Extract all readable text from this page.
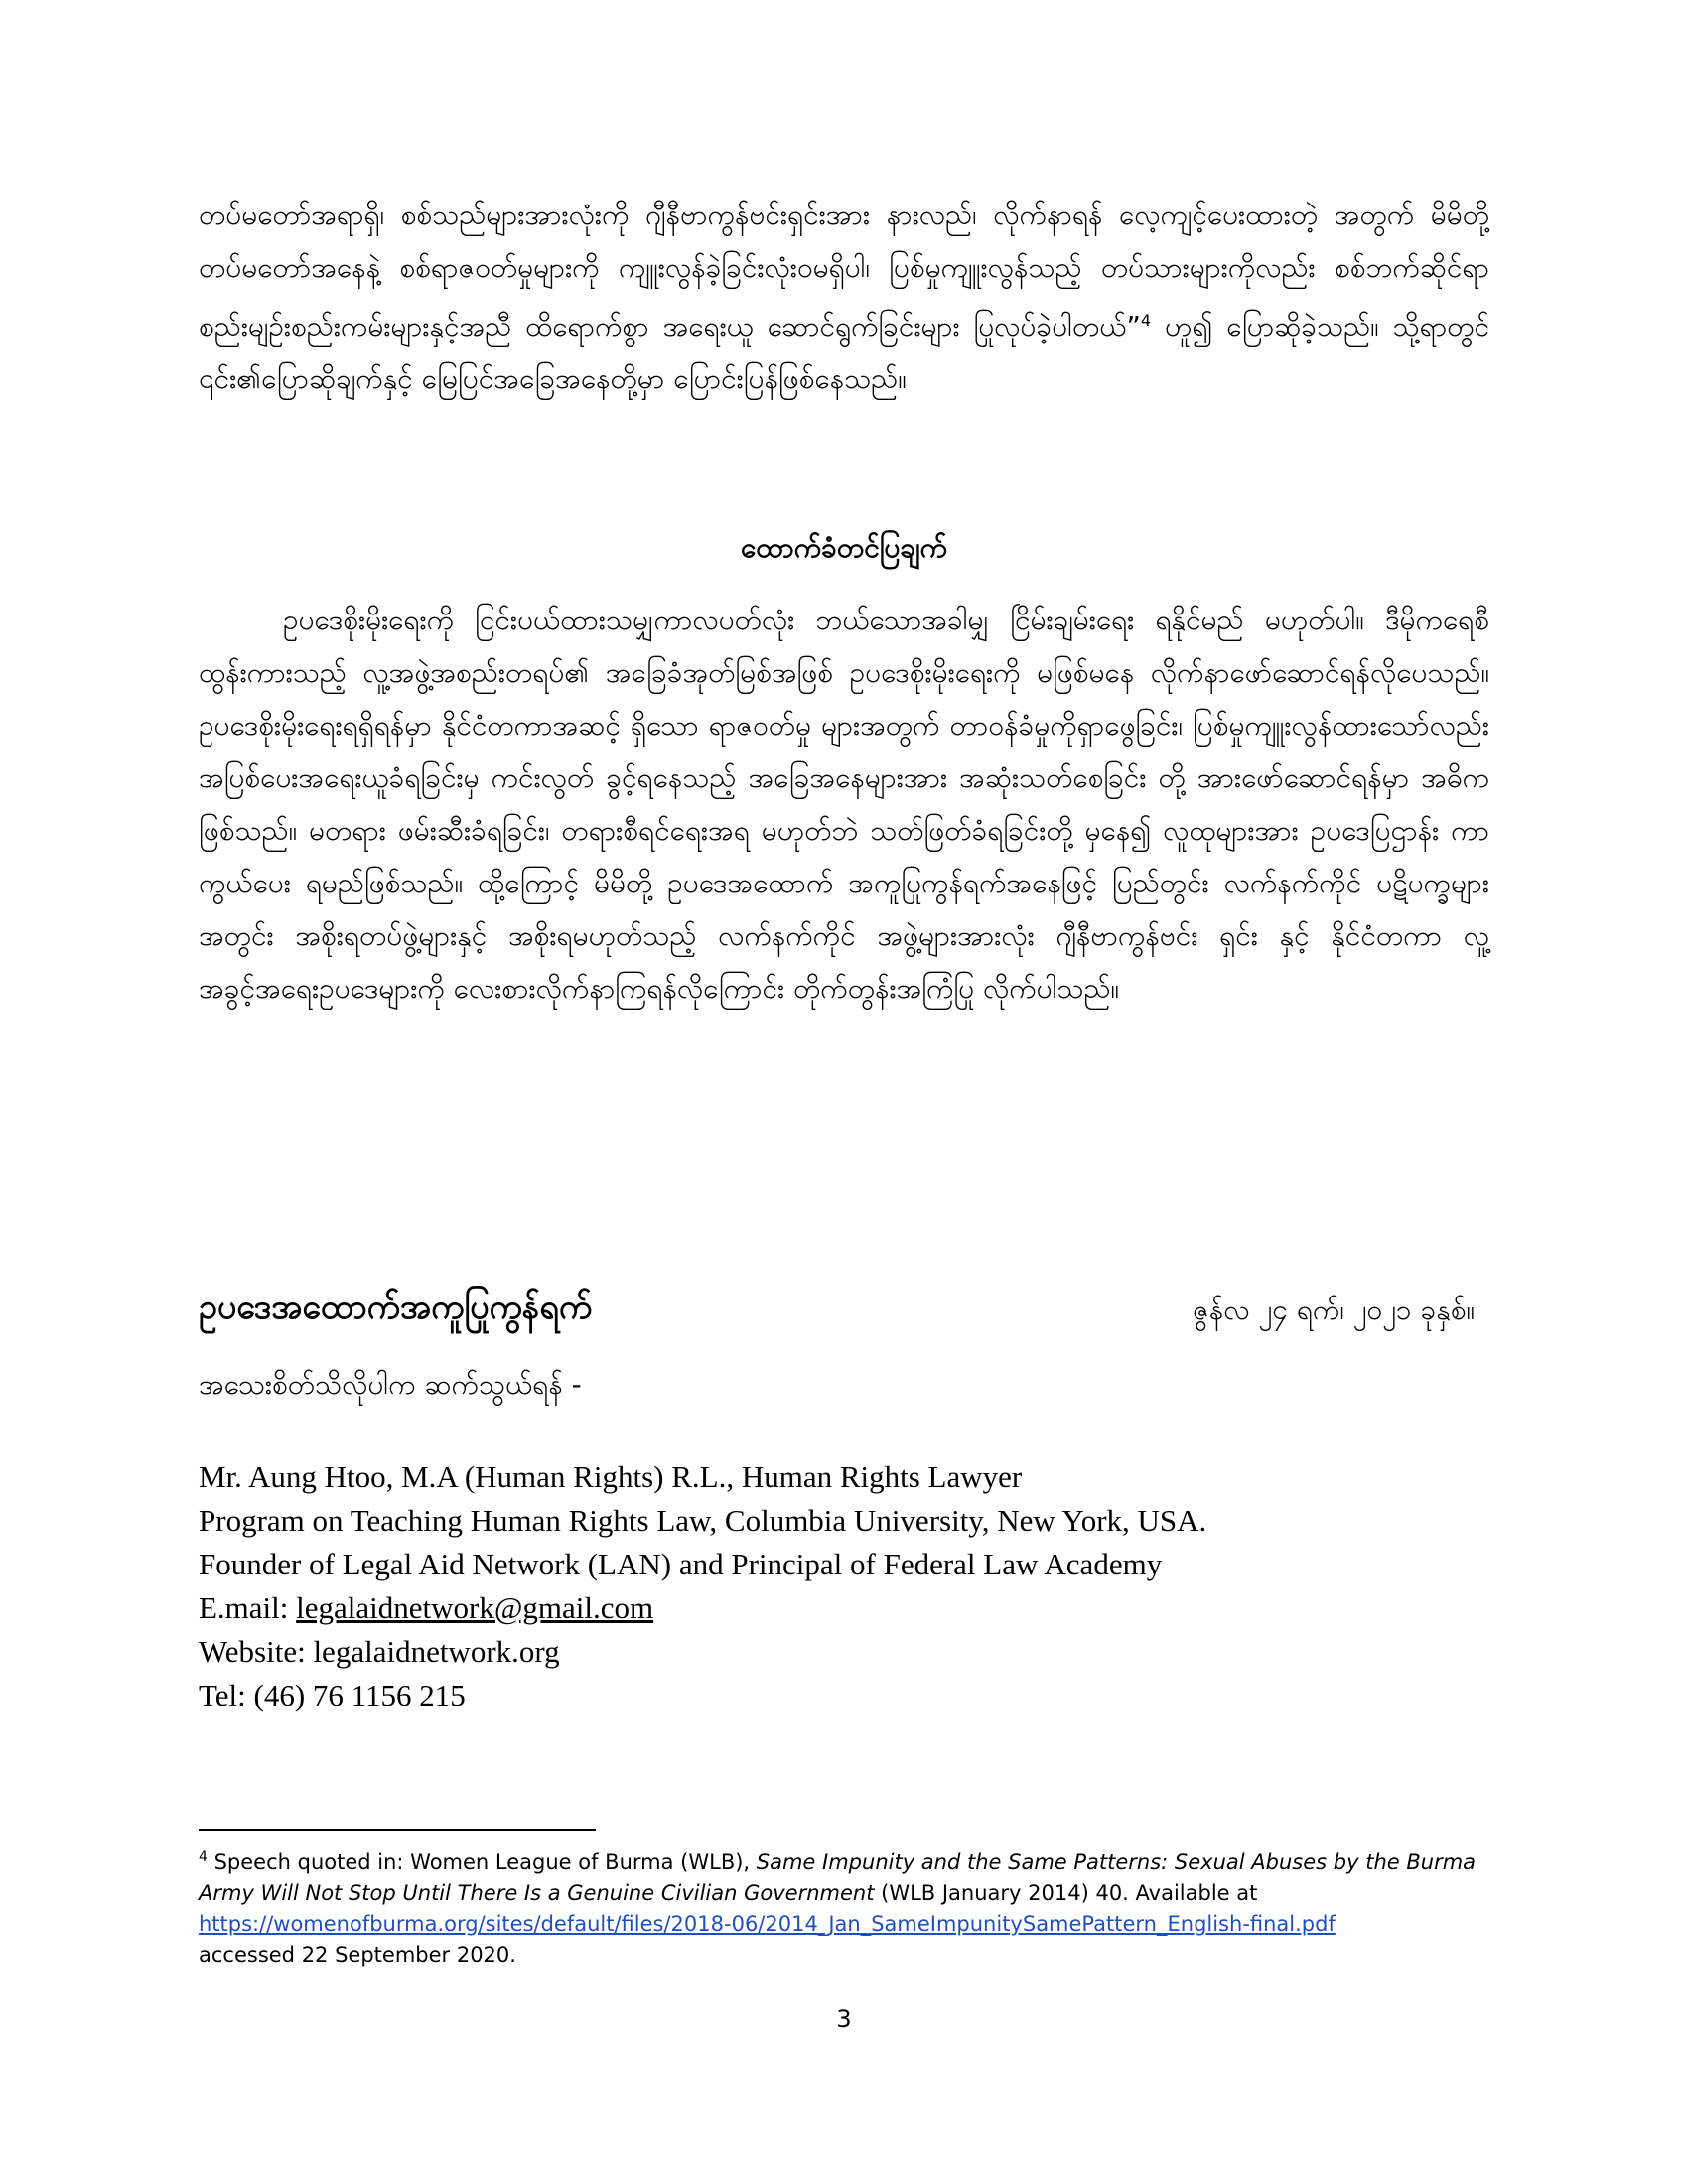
တပ်မတော်အရာရှိ၊ စစ်သည်များအားလုံးကို ဂျီနီဗာကွန်ဗင်းရှင်းအား နားလည်၊ လိုက်နာရန် လေ့ကျင့်ပေးထားတဲ့ အတွက် မိမိတို့ တပ်မတော်အနေနဲ့ စစ်ရာဇဝတ်မှုများကို ကျူးလွန်ခဲ့ခြင်းလုံးဝမရှိပါ၊ ပြစ်မှုကျူးလွန်သည့် တပ်သားများကိုလည်း စစ်ဘက်ဆိုင်ရာ စည်းမျဉ်းစည်းကမ်းများနှင့်အညီ ထိရောက်စွာ အရေးယူ ဆောင်ရွက်ခြင်းများ ပြုလုပ်ခဲ့ပါတယ်”$^4$ ဟူ၍ ပြောဆိုခဲ့သည်။ သို့ရာတွင် ၎င်း၏ပြောဆိုချက်နှင့် မြေပြင်အခြေအနေတို့မှာ ပြောင်းပြန်ဖြစ်နေသည်။
ထောက်ခံတင်ပြချက်
ဥပဒေစိုးမိုးရေးကို ငြင်းပယ်ထားသမျှကာလပတ်လုံး ဘယ်သောအခါမျှ ငြိမ်းချမ်းရေး ရနိုင်မည် မဟုတ်ပါ။ ဒီမိုကရေစီထွန်းကားသည့် လူ့အဖွဲ့အစည်းတရပ်၏ အခြေခံအုတ်မြစ်အဖြစ် ဥပဒေစိုးမိုးရေးကို မဖြစ်မနေ လိုက်နာဖော်ဆောင်ရန်လိုပေသည်။ ဥပဒေစိုးမိုးရေးရရှိရန်မှာ နိုင်ငံတကာအဆင့် ရှိသော ရာဇဝတ်မှု များအတွက် တာဝန်ခံမှုကိုရှာဖွေခြင်း၊ ပြစ်မှုကျူးလွန်ထားသော်လည်း အပြစ်ပေးအရေးယူခံရခြင်းမှ ကင်းလွတ် ခွင့်ရနေသည့် အခြေအနေများအား အဆုံးသတ်စေခြင်း တို့ အားဖော်ဆောင်ရန်မှာ အဓိက ဖြစ်သည်။ မတရား ဖမ်းဆီးခံရခြင်း၊ တရားစီရင်ရေးအရ မဟုတ်ဘဲ သတ်ဖြတ်ခံရခြင်းတို့ မှနေ၍ လူထုများအား ဥပဒေပြဌာန်း ကာကွယ်ပေး ရမည်ဖြစ်သည်။ ထို့ကြောင့် မိမိတို့ ဥပဒေအထောက် အကူပြုကွန်ရက်အနေဖြင့် ပြည်တွင်း လက်နက်ကိုင် ပဋိပက္ခများအတွင်း အစိုးရတပ်ဖွဲ့များနှင့် အစိုးရမဟုတ်သည့် လက်နက်ကိုင် အဖွဲ့များအားလုံး ဂျီနီဗာကွန်ဗင်း ရှင်း နှင့် နိုင်ငံတကာ လူ့အခွင့်အရေးဥပဒေများကို လေးစားလိုက်နာကြရန်လိုကြောင်း တိုက်တွန်းအကြံပြု လိုက်ပါသည်။
ဥပဒေအထောက်အကူပြုကွန်ရက်	ဇွန်လ ၂၄ ရက်၊ ၂၀၂၁ ခုနှစ်။
အသေးစိတ်သိလိုပါက ဆက်သွယ်ရန် -
Mr. Aung Htoo, M.A (Human Rights) R.L., Human Rights Lawyer
Program on Teaching Human Rights Law, Columbia University, New York, USA.
Founder of Legal Aid Network (LAN) and Principal of Federal Law Academy
E.mail: legalaidnetwork@gmail.com
Website: legalaidnetwork.org
Tel: (46) 76 1156 215
$^4$ Speech quoted in: Women League of Burma (WLB), Same Impunity and the Same Patterns: Sexual Abuses by the Burma Army Will Not Stop Until There Is a Genuine Civilian Government (WLB January 2014) 40. Available at
https://womenofburma.org/sites/default/files/2018-06/2014_Jan_SameImpunitySamePattern_English-final.pdf
accessed 22 September 2020.
3
